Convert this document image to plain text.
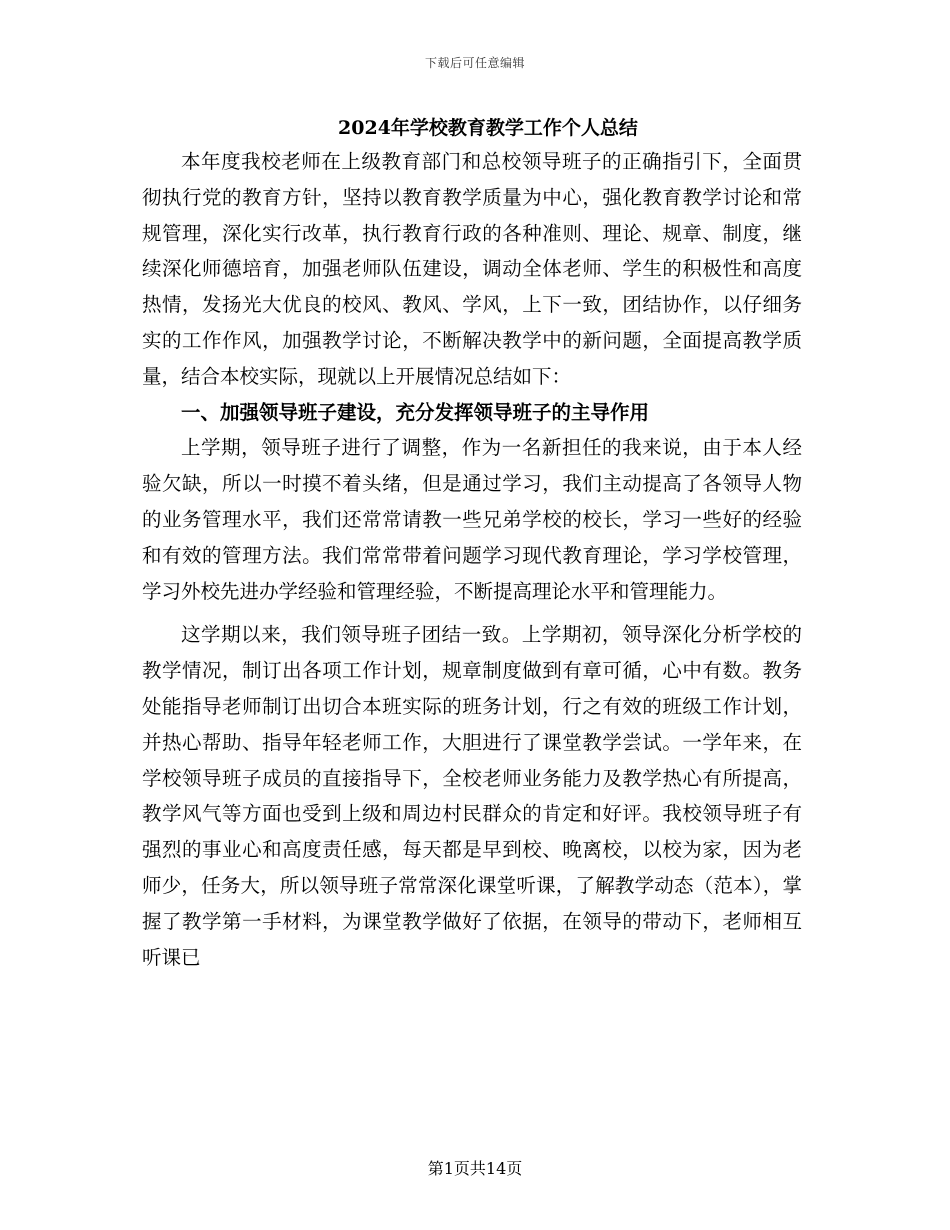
下载后可任意编辑
2024年学校教育教学工作个人总结

本年度我校老师在上级教育部门和总校领导班子的正确指引下，全面贯彻执行党的教育方针，坚持以教育教学质量为中心，强化教育教学讨论和常规管理，深化实行改革，执行教育行政的各种准则、理论、规章、制度，继续深化师德培育，加强老师队伍建设，调动全体老师、学生的积极性和高度热情，发扬光大优良的校风、教风、学风，上下一致，团结协作，以仔细务实的工作作风，加强教学讨论，不断解决教学中的新问题，全面提高教学质量，结合本校实际，现就以上开展情况总结如下：

一、加强领导班子建设，充分发挥领导班子的主导作用

上学期，领导班子进行了调整，作为一名新担任的我来说，由于本人经验欠缺，所以一时摸不着头绪，但是通过学习，我们主动提高了各领导人物的业务管理水平，我们还常常请教一些兄弟学校的校长，学习一些好的经验和有效的管理方法。我们常常带着问题学习现代教育理论，学习学校管理，学习外校先进办学经验和管理经验，不断提高理论水平和管理能力。

这学期以来，我们领导班子团结一致。上学期初，领导深化分析学校的教学情况，制订出各项工作计划，规章制度做到有章可循，心中有数。教务处能指导老师制订出切合本班实际的班务计划，行之有效的班级工作计划，并热心帮助、指导年轻老师工作，大胆进行了课堂教学尝试。一学年来，在学校领导班子成员的直接指导下，全校老师业务能力及教学热心有所提高，教学风气等方面也受到上级和周边村民群众的肯定和好评。我校领导班子有强烈的事业心和高度责任感，每天都是早到校、晚离校，以校为家，因为老师少，任务大，所以领导班子常常深化课堂听课，了解教学动态（范本），掌握了教学第一手材料，为课堂教学做好了依据，在领导的带动下，老师相互听课已

第1页共14页
